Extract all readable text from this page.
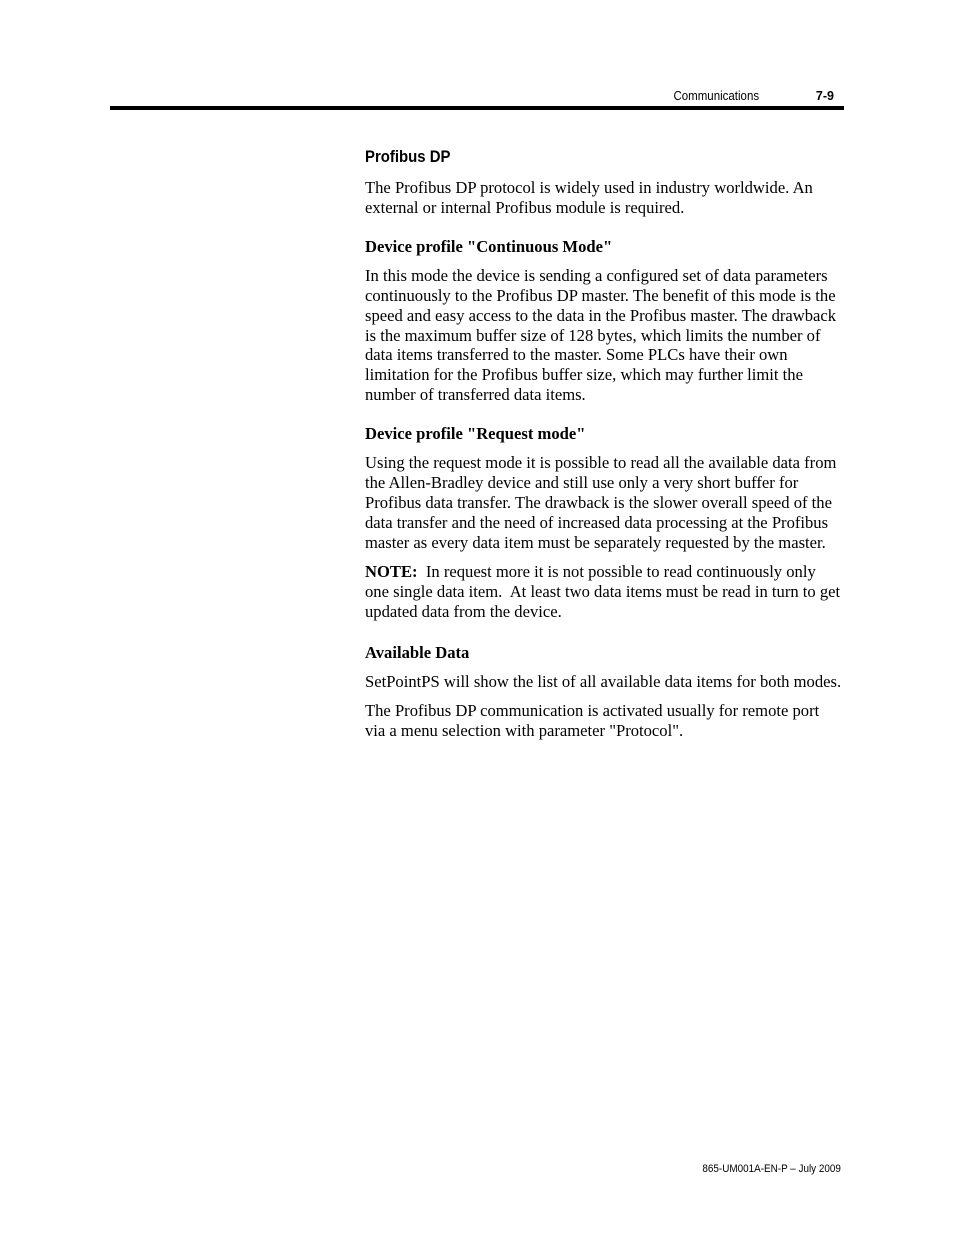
Communications	7-9
Profibus DP

The Profibus DP protocol is widely used in industry worldwide. An external or internal Profibus module is required.

Device profile "Continuous Mode"

In this mode the device is sending a configured set of data parameters continuously to the Profibus DP master. The benefit of this mode is the speed and easy access to the data in the Profibus master. The drawback is the maximum buffer size of 128 bytes, which limits the number of data items transferred to the master. Some PLCs have their own limitation for the Profibus buffer size, which may further limit the number of transferred data items.

Device profile "Request mode"

Using the request mode it is possible to read all the available data from the Allen-Bradley device and still use only a very short buffer for Profibus data transfer. The drawback is the slower overall speed of the data transfer and the need of increased data processing at the Profibus master as every data item must be separately requested by the master.

NOTE:  In request more it is not possible to read continuously only one single data item.  At least two data items must be read in turn to get updated data from the device.

Available Data

SetPointPS will show the list of all available data items for both modes.

The Profibus DP communication is activated usually for remote port via a menu selection with parameter "Protocol".

865-UM001A-EN-P – July 2009
